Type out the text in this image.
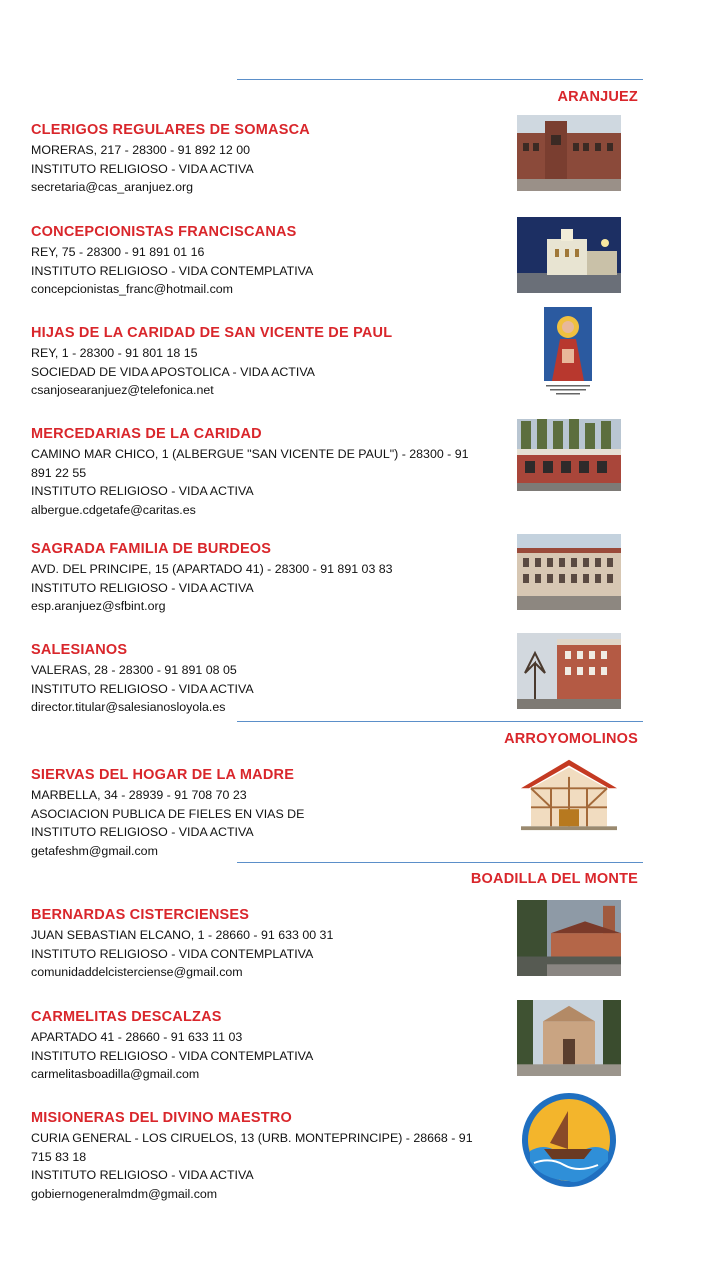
ARANJUEZ
ARROYOMOLINOS
BOADILLA DEL MONTE
CLERIGOS REGULARES DE SOMASCA
MORERAS, 217 - 28300 - 91 892 12 00
INSTITUTO RELIGIOSO - VIDA ACTIVA
secretaria@cas_aranjuez.org
CONCEPCIONISTAS FRANCISCANAS
REY, 75 - 28300 - 91 891 01 16
INSTITUTO RELIGIOSO - VIDA CONTEMPLATIVA
concepcionistas_franc@hotmail.com
HIJAS DE LA CARIDAD DE SAN VICENTE DE PAUL
REY, 1 - 28300 - 91 801 18 15
SOCIEDAD DE VIDA APOSTOLICA - VIDA ACTIVA
csanjosearanjuez@telefonica.net
MERCEDARIAS DE LA CARIDAD
CAMINO MAR CHICO, 1 (ALBERGUE "SAN VICENTE DE PAUL") - 28300 - 91
891 22 55
INSTITUTO RELIGIOSO - VIDA ACTIVA
albergue.cdgetafe@caritas.es
SAGRADA FAMILIA DE BURDEOS
AVD. DEL PRINCIPE, 15 (APARTADO 41) - 28300 - 91 891 03 83
INSTITUTO RELIGIOSO - VIDA ACTIVA
esp.aranjuez@sfbint.org
SALESIANOS
VALERAS, 28 - 28300 - 91 891 08 05
INSTITUTO RELIGIOSO - VIDA ACTIVA
director.titular@salesianosloyola.es
SIERVAS DEL HOGAR DE LA MADRE
MARBELLA, 34 - 28939 - 91 708 70 23
ASOCIACION PUBLICA DE FIELES EN VIAS DE
INSTITUTO RELIGIOSO - VIDA ACTIVA
getafeshm@gmail.com
BERNARDAS CISTERCIENSES
JUAN SEBASTIAN ELCANO, 1 - 28660 - 91 633 00 31
INSTITUTO RELIGIOSO - VIDA CONTEMPLATIVA
comunidaddelcisterciense@gmail.com
CARMELITAS DESCALZAS
APARTADO 41 - 28660 - 91 633 11 03
INSTITUTO RELIGIOSO - VIDA CONTEMPLATIVA
carmelitasboadilla@gmail.com
MISIONERAS DEL DIVINO MAESTRO
CURIA GENERAL - LOS CIRUELOS, 13 (URB. MONTEPRINCIPE) - 28668 - 91
715 83 18
INSTITUTO RELIGIOSO - VIDA ACTIVA
gobiernogeneralmdm@gmail.com
